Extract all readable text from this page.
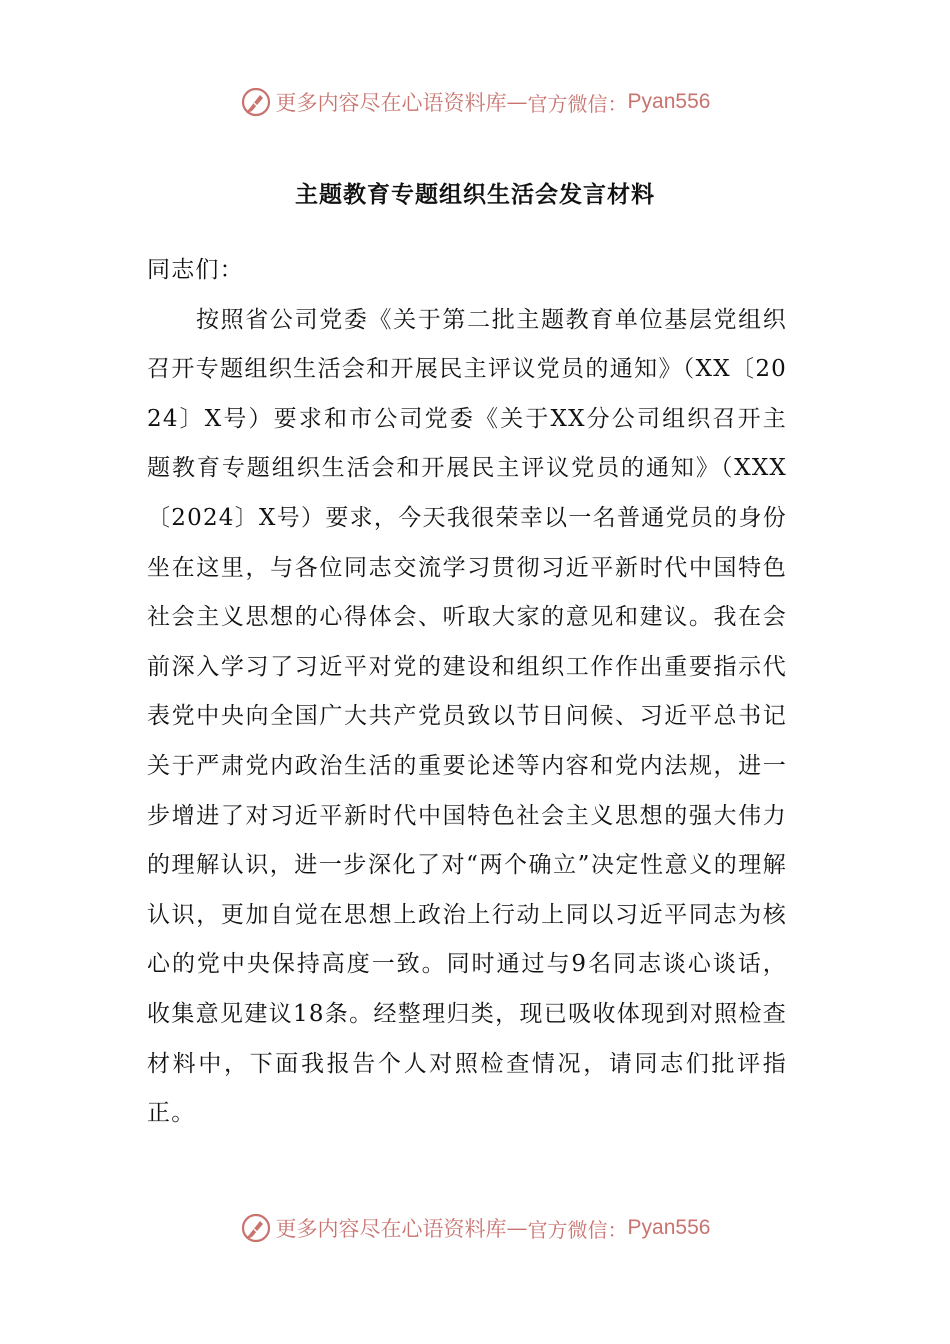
更多内容尽在心语资料库 — 官方微信： Pyan556
主题教育专题组织生活会发言材料

同志们：

按照省公司党委《关于第二批主题教育单位基层党组织召开专题组织生活会和开展民主评议党员的通知》（XX〔2024〕X号）要求和市公司党委《关于XX分公司组织召开主题教育专题组织生活会和开展民主评议党员的通知》（XXX〔2024〕X号）要求，今天我很荣幸以一名普通党员的身份坐在这里，与各位同志交流学习贯彻习近平新时代中国特色社会主义思想的心得体会、听取大家的意见和建议。我在会前深入学习了习近平对党的建设和组织工作作出重要指示代表党中央向全国广大共产党员致以节日问候、习近平总书记关于严肃党内政治生活的重要论述等内容和党内法规，进一步增进了对习近平新时代中国特色社会主义思想的强大伟力的理解认识，进一步深化了对“两个确立”决定性意义的理解认识，更加自觉在思想上政治上行动上同以习近平同志为核心的党中央保持高度一致。同时通过与9名同志谈心谈话，收集意见建议18条。经整理归类，现已吸收体现到对照检查材料中，下面我报告个人对照检查情况，请同志们批评指正。

更多内容尽在心语资料库 — 官方微信： Pyan556
